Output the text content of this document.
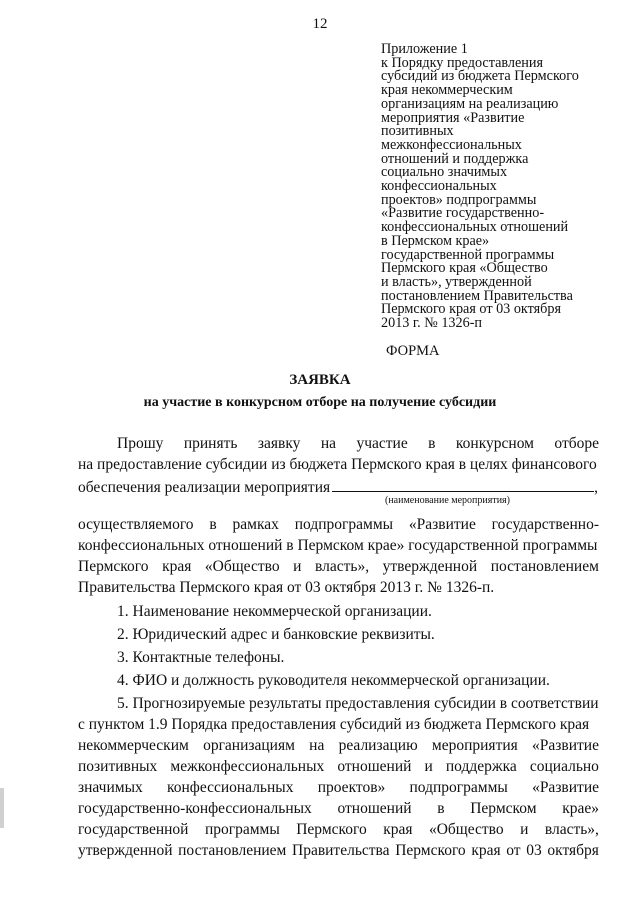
12
Приложение 1
к Порядку предоставления
субсидий из бюджета Пермского
края некоммерческим
организациям на реализацию
мероприятия «Развитие
позитивных
межконфессиональных
отношений и поддержка
социально значимых
конфессиональных
проектов» подпрограммы
«Развитие государственно-
конфессиональных отношений
в Пермском крае»
государственной программы
Пермского края «Общество
и власть», утвержденной
постановлением Правительства
Пермского края от 03 октября
2013 г. № 1326-п
ФОРМА
ЗАЯВКА
на участие в конкурсном отборе на получение субсидии
Прошу принять заявку на участие в конкурсном отборе
на предоставление субсидии из бюджета Пермского края в целях финансового
обеспечения реализации мероприятия	,
(наименование мероприятия)
осуществляемого в рамках подпрограммы «Развитие государственно-
конфессиональных отношений в Пермском крае» государственной программы
Пермского края «Общество и власть», утвержденной постановлением
Правительства Пермского края от 03 октября 2013 г. № 1326-п.
1. Наименование некоммерческой организации.
2. Юридический адрес и банковские реквизиты.
3. Контактные телефоны.
4. ФИО и должность руководителя некоммерческой организации.
5. Прогнозируемые результаты предоставления субсидии в соответствии
с пунктом 1.9 Порядка предоставления субсидий из бюджета Пермского края
некоммерческим организациям на реализацию мероприятия «Развитие
позитивных межконфессиональных отношений и поддержка социально
значимых конфессиональных проектов» подпрограммы «Развитие
государственно-конфессиональных отношений в Пермском крае»
государственной программы Пермского края «Общество и власть»,
утвержденной постановлением Правительства Пермского края от 03 октября
